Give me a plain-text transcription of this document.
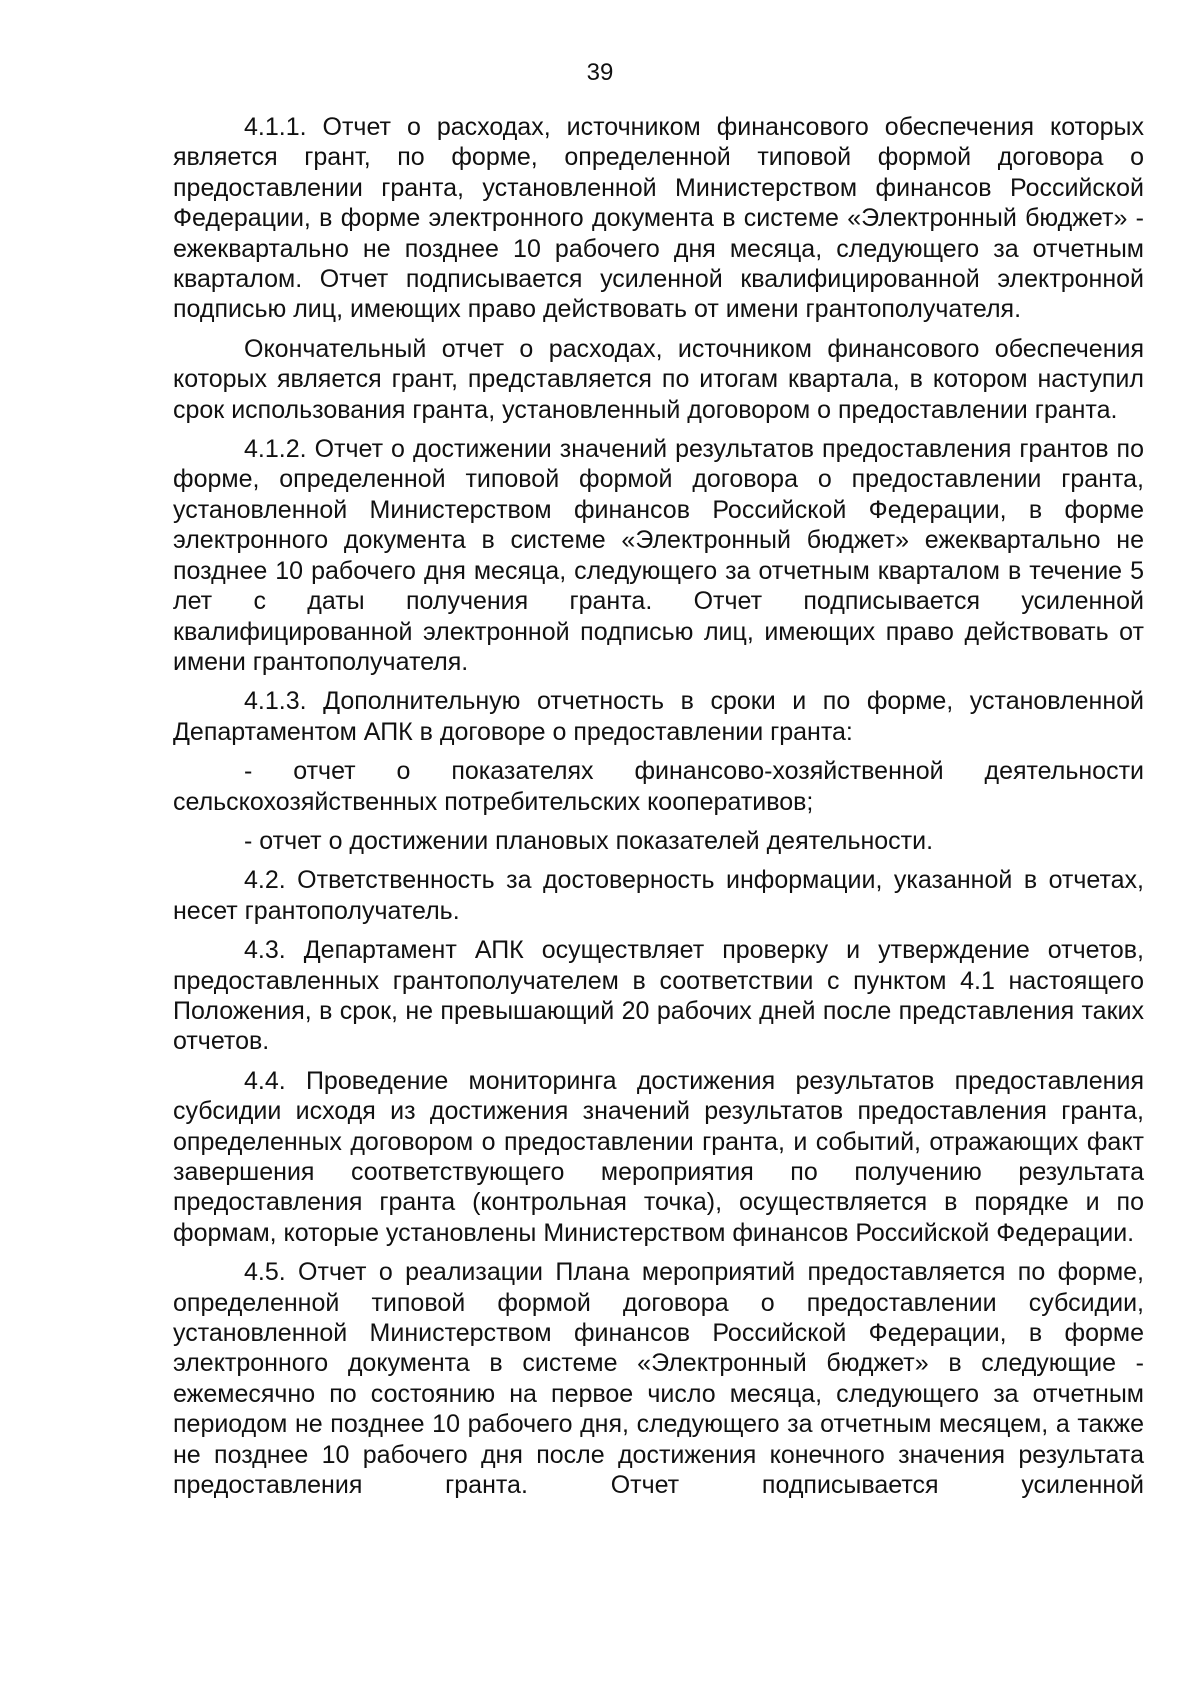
39

4.1.1. Отчет о расходах, источником финансового обеспечения которых является грант, по форме, определенной типовой формой договора о предоставлении гранта, установленной Министерством финансов Российской Федерации, в форме электронного документа в системе «Электронный бюджет» - ежеквартально не позднее 10 рабочего дня месяца, следующего за отчетным кварталом. Отчет подписывается усиленной квалифицированной электронной подписью лиц, имеющих право действовать от имени грантополучателя.

Окончательный отчет о расходах, источником финансового обеспечения которых является грант, представляется по итогам квартала, в котором наступил срок использования гранта, установленный договором о предоставлении гранта.

4.1.2. Отчет о достижении значений результатов предоставления грантов по форме, определенной типовой формой договора о предоставлении гранта, установленной Министерством финансов Российской Федерации, в форме электронного документа в системе «Электронный бюджет» ежеквартально не позднее 10 рабочего дня месяца, следующего за отчетным кварталом в течение 5 лет с даты получения гранта. Отчет подписывается усиленной квалифицированной электронной подписью лиц, имеющих право действовать от имени грантополучателя.

4.1.3. Дополнительную отчетность в сроки и по форме, установленной Департаментом АПК в договоре о предоставлении гранта:

- отчет о показателях финансово-хозяйственной деятельности сельскохозяйственных потребительских кооперативов;

- отчет о достижении плановых показателей деятельности.

4.2. Ответственность за достоверность информации, указанной в отчетах, несет грантополучатель.

4.3. Департамент АПК осуществляет проверку и утверждение отчетов, предоставленных грантополучателем в соответствии с пунктом 4.1 настоящего Положения, в срок, не превышающий 20 рабочих дней после представления таких отчетов.

4.4. Проведение мониторинга достижения результатов предоставления субсидии исходя из достижения значений результатов предоставления гранта, определенных договором о предоставлении гранта, и событий, отражающих факт завершения соответствующего мероприятия по получению результата предоставления гранта (контрольная точка), осуществляется в порядке и по формам, которые установлены Министерством финансов Российской Федерации.

4.5. Отчет о реализации Плана мероприятий предоставляется по форме, определенной типовой формой договора о предоставлении субсидии, установленной Министерством финансов Российской Федерации, в форме электронного документа в системе «Электронный бюджет» в следующие - ежемесячно по состоянию на первое число месяца, следующего за отчетным периодом не позднее 10 рабочего дня, следующего за отчетным месяцем, а также не позднее 10 рабочего дня после достижения конечного значения результата предоставления гранта. Отчет подписывается усиленной
